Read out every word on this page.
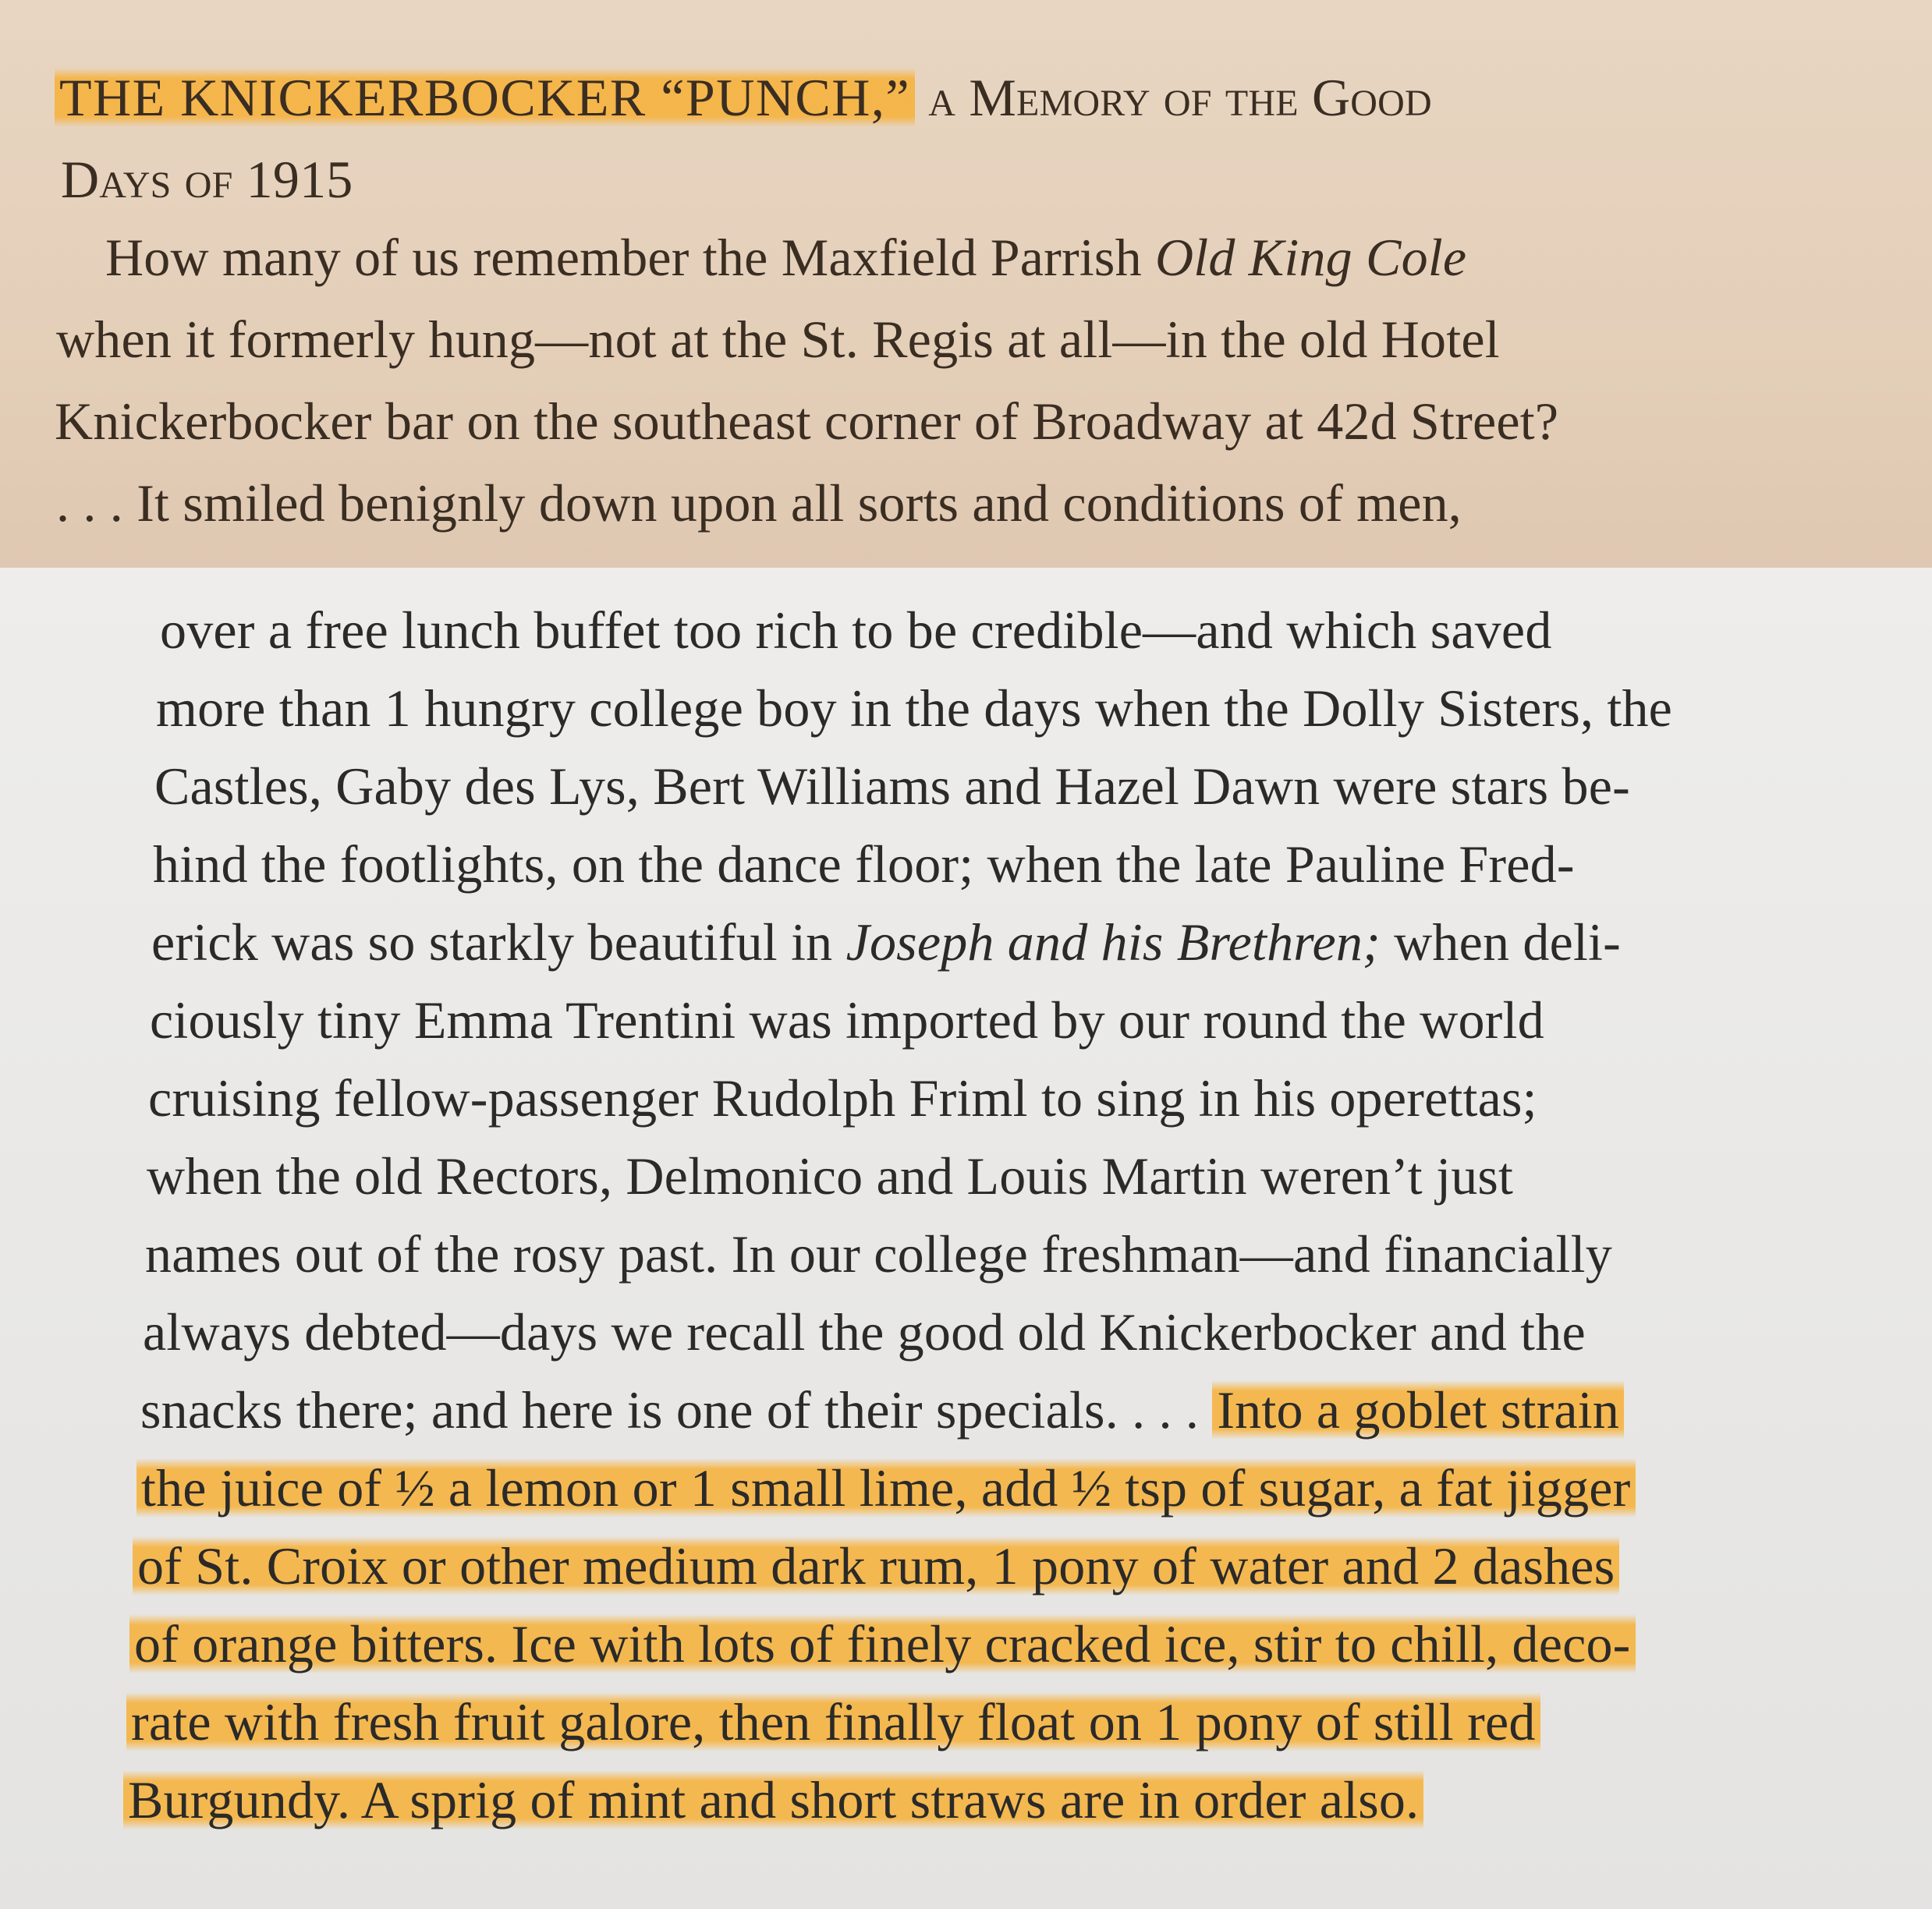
THE KNICKERBOCKER “PUNCH,” a Memory of the Good
Days of 1915
How many of us remember the Maxfield Parrish Old King Cole
when it formerly hung—not at the St. Regis at all—in the old Hotel
Knickerbocker bar on the southeast corner of Broadway at 42d Street?
. . . It smiled benignly down upon all sorts and conditions of men,
over a free lunch buffet too rich to be credible—and which saved
more than 1 hungry college boy in the days when the Dolly Sisters, the
Castles, Gaby des Lys, Bert Williams and Hazel Dawn were stars be-
hind the footlights, on the dance floor; when the late Pauline Fred-
erick was so starkly beautiful in Joseph and his Brethren; when deli-
ciously tiny Emma Trentini was imported by our round the world
cruising fellow-passenger Rudolph Friml to sing in his operettas;
when the old Rectors, Delmonico and Louis Martin weren’t just
names out of the rosy past. In our college freshman—and financially
always debted—days we recall the good old Knickerbocker and the
snacks there; and here is one of their specials. . . . Into a goblet strain
the juice of ½ a lemon or 1 small lime, add ½ tsp of sugar, a fat jigger
of St. Croix or other medium dark rum, 1 pony of water and 2 dashes
of orange bitters. Ice with lots of finely cracked ice, stir to chill, deco-
rate with fresh fruit galore, then finally float on 1 pony of still red
Burgundy. A sprig of mint and short straws are in order also.
